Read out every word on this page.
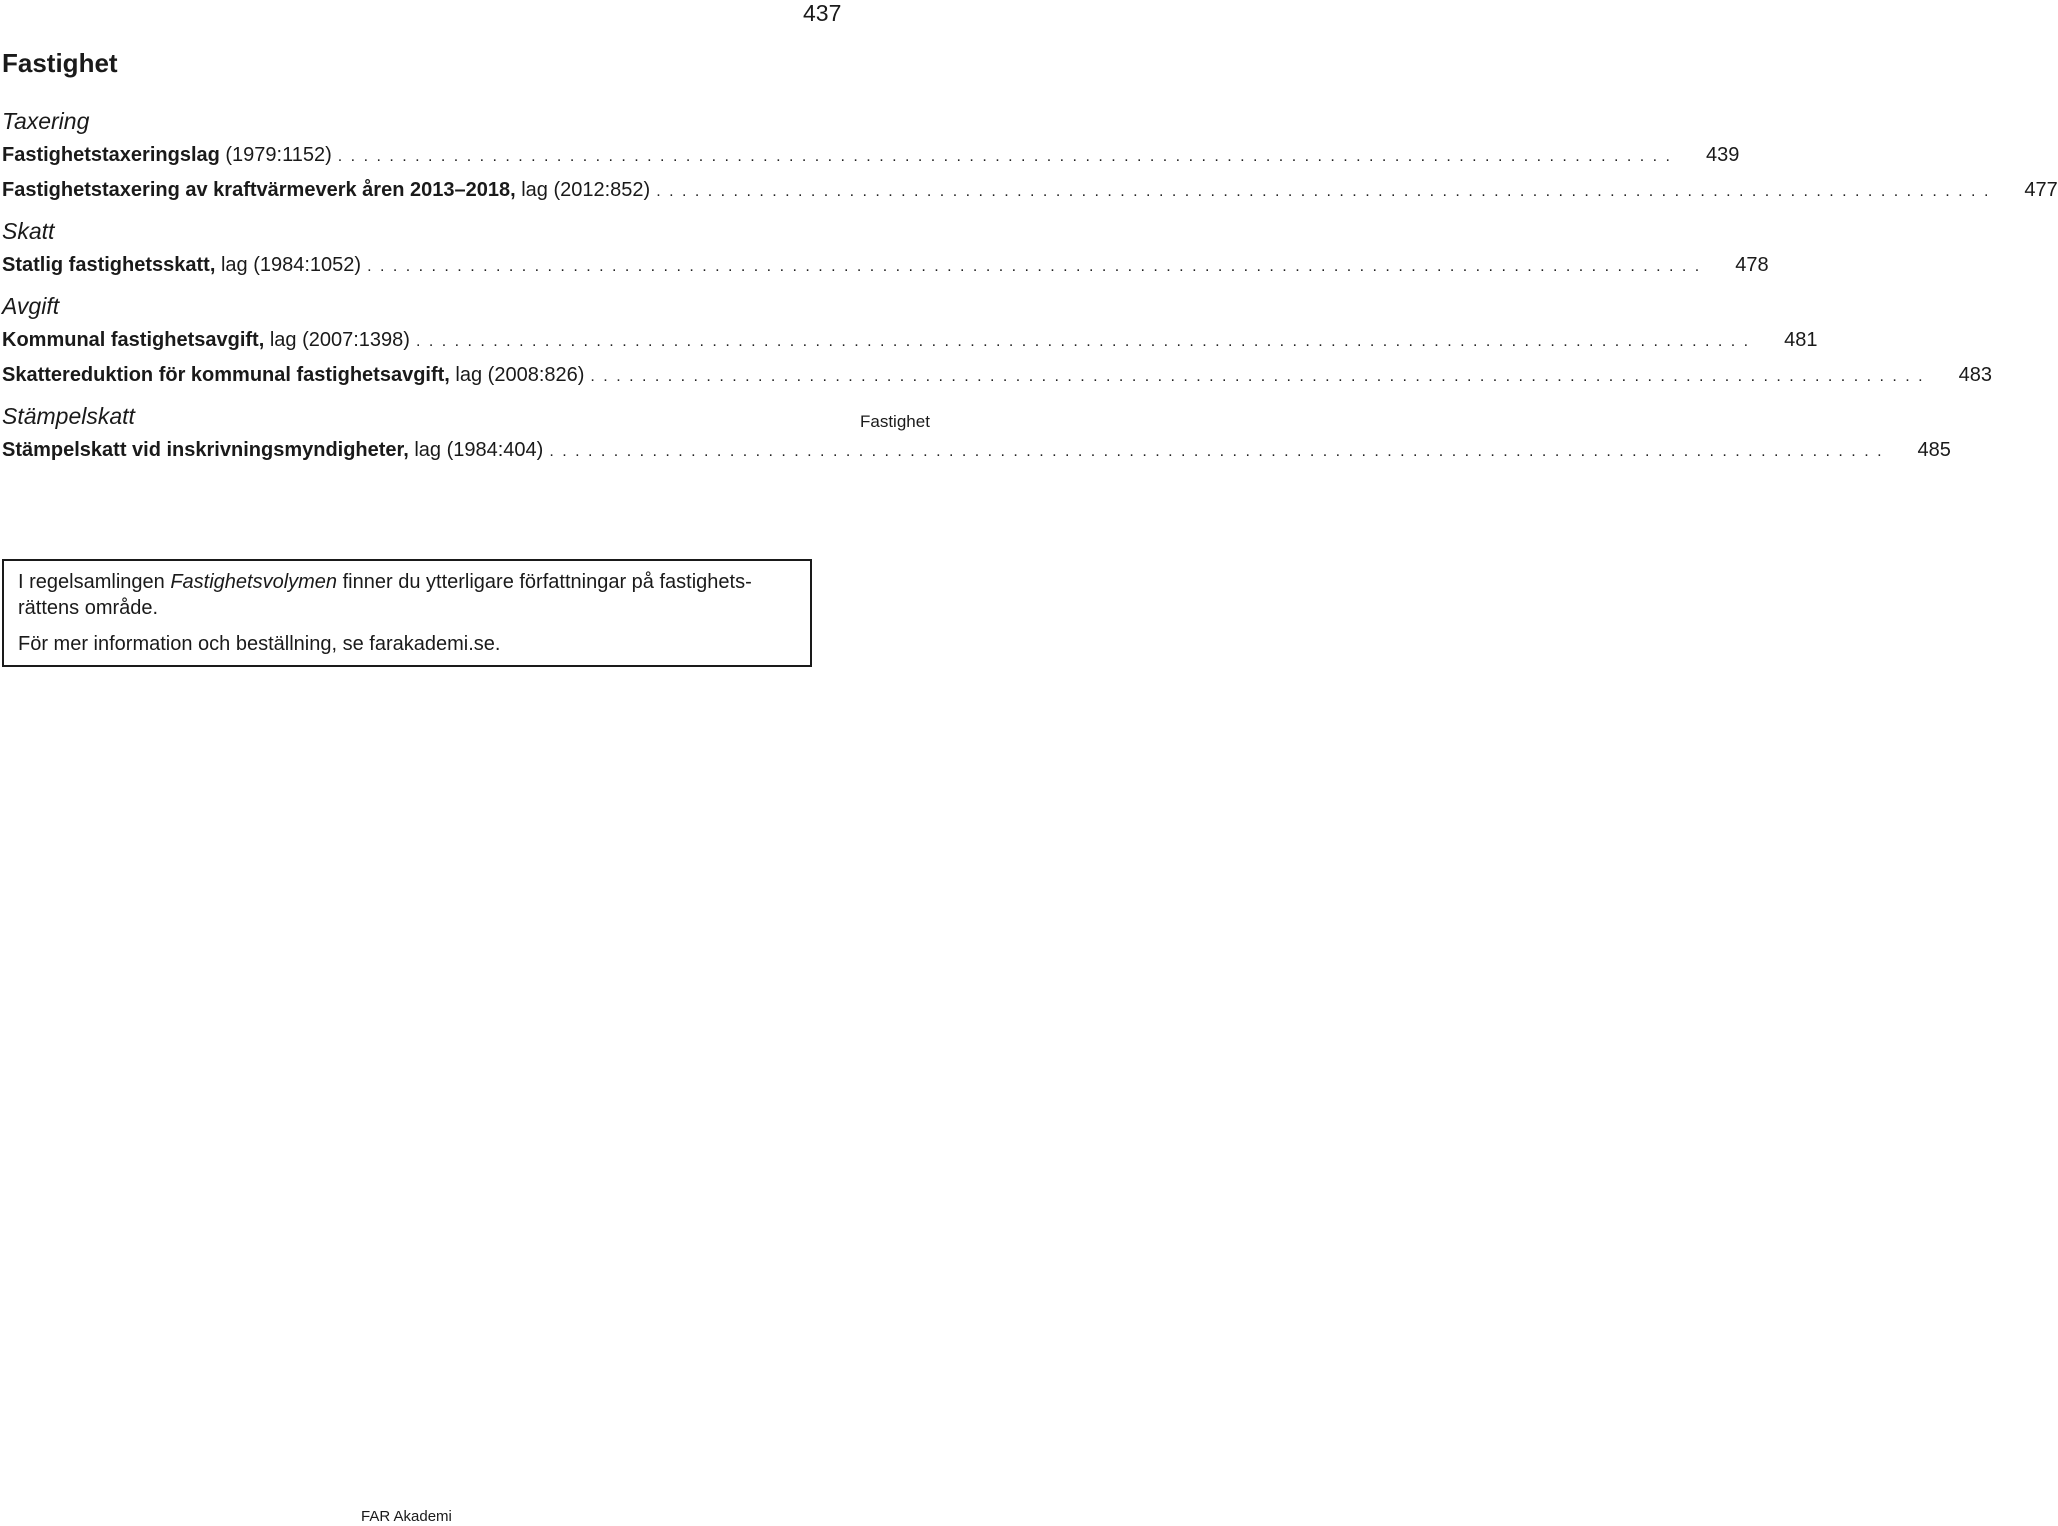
437
Fastighet
Taxering
Fastighetstaxeringslag (1979:1152) . . . . . . . . . . . . . . . . . . . . . . . . . . . . . . . . . . . . . . . . . . . . . . . . . . . . . . . . . . . . . . . . . . . . . . . . . . . . . . . . . . . . . . . . . . . . . . . . . . . . . . . . 439
Fastighetstaxering av kraftvärmeverk åren 2013–2018, lag (2012:852) . . . . . . . . . . . . . . . . . . . . . . . . . . . . . . . . . . . . . . . . . . . . . . . . . . . . . . . . . . . . . . . . . . . . . . . . . . . . . . . . . . . . . . . . . . . . . . . . . . . . . . . . 477
Skatt
Statlig fastighetsskatt, lag (1984:1052) . . . . . . . . . . . . . . . . . . . . . . . . . . . . . . . . . . . . . . . . . . . . . . . . . . . . . . . . . . . . . . . . . . . . . . . . . . . . . . . . . . . . . . . . . . . . . . . . . . . . . . . . 478
Avgift
Kommunal fastighetsavgift, lag (2007:1398) . . . . . . . . . . . . . . . . . . . . . . . . . . . . . . . . . . . . . . . . . . . . . . . . . . . . . . . . . . . . . . . . . . . . . . . . . . . . . . . . . . . . . . . . . . . . . . . . . . . . . . . . 481
Skattereduktion för kommunal fastighetsavgift, lag (2008:826) . . . . . . . . . . . . . . . . . . . . . . . . . . . . . . . . . . . . . . . . . . . . . . . . . . . . . . . . . . . . . . . . . . . . . . . . . . . . . . . . . . . . . . . . . . . . . . . . . . . . . . . . 483
Stämpelskatt
Stämpelskatt vid inskrivningsmyndigheter, lag (1984:404) . . . . . . . . . . . . . . . . . . . . . . . . . . . . . . . . . . . . . . . . . . . . . . . . . . . . . . . . . . . . . . . . . . . . . . . . . . . . . . . . . . . . . . . . . . . . . . . . . . . . . . . . 485
Fastighet

I regelsamlingen Fastighetsvolymen finner du ytterligare författningar på fastighetsrättens område.

För mer information och beställning, se farakademi.se.

FAR Akademi
